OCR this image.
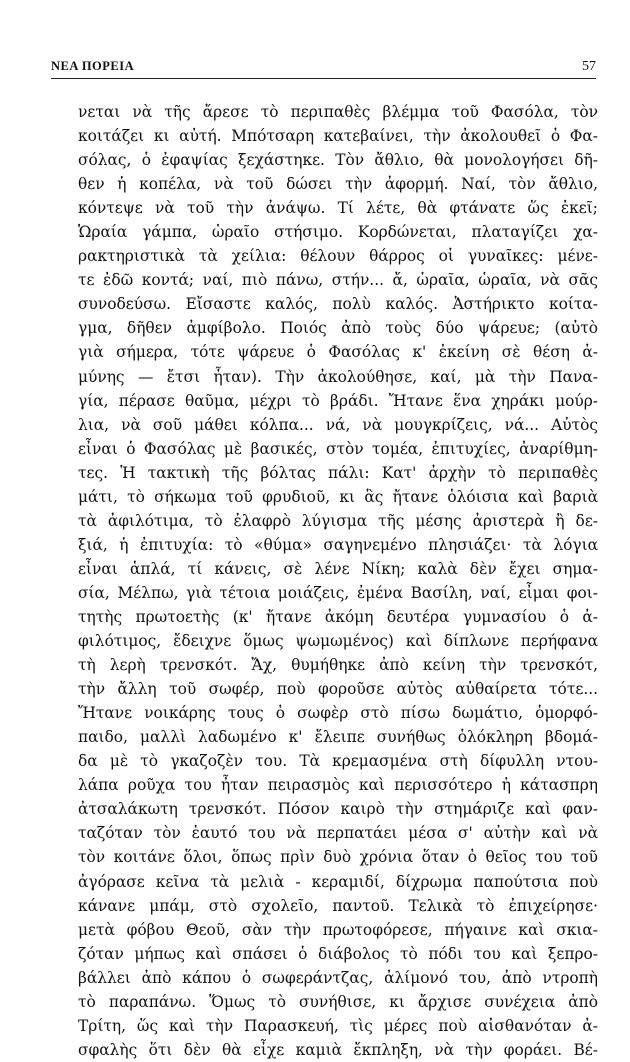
ΝΕΑ ΠΟΡΕΙΑ	57
νεται νὰ τῆς ἄρεσε τὸ περιπαθὲς βλέμμα τοῦ Φασόλα, τὸν
κοιτάζει κι αὐτή. Μπότσαρη κατεβαίνει, τὴν ἀκολουθεῖ ὁ Φα-
σόλας, ὁ ἐφαψίας ξεχάστηκε. Τὸν ἄθλιο, θὰ μονολογήσει δῆ-
θεν ἡ κοπέλα, νὰ τοῦ δώσει τὴν ἀφορμή. Ναί, τὸν ἄθλιο,
κόντεψε νὰ τοῦ τὴν ἀνάψω. Τί λέτε, θὰ φτάνατε ὥς ἐκεῖ;
Ὡραία γάμπα, ὡραῖο στήσιμο. Κορδώνεται, πλαταγίζει χα-
ρακτηριστικὰ τὰ χείλια: θέλουν θάρρος οἱ γυναῖκες: μένε-
τε ἐδῶ κοντά; ναί, πιὸ πάνω, στήν... ἄ, ὡραῖα, ὡραῖα, νὰ σᾶς
συνοδεύσω. Εἴσαστε καλός, πολὺ καλός. Ἀστήρικτο κοίτα-
γμα, δῆθεν ἀμφίβολο. Ποιός ἀπὸ τοὺς δύο ψάρευε; (αὐτὸ
γιὰ σήμερα, τότε ψάρευε ὁ Φασόλας κ' ἐκείνη σὲ θέση ἀ-
μύνης — ἔτσι ἦταν). Τὴν ἀκολούθησε, καί, μὰ τὴν Πανα-
γία, πέρασε θαῦμα, μέχρι τὸ βράδι. Ἤτανε ἕνα χηράκι μούρ-
λια, νὰ σοῦ μάθει κόλπα... νά, νὰ μουγκρίζεις, νά... Αὐτὸς
εἶναι ὁ Φασόλας μὲ βασικές, στὸν τομέα, ἐπιτυχίες, ἀναρίθμη-
τες. Ἡ τακτικὴ τῆς βόλτας πάλι: Κατ' ἀρχὴν τὸ περιπαθὲς
μάτι, τὸ σήκωμα τοῦ φρυδιοῦ, κι ἃς ἤτανε ὁλόισια καὶ βαριὰ
τὰ ἀφιλότιμα, τὸ ἐλαφρὸ λύγισμα τῆς μέσης ἀριστερὰ ἢ δε-
ξιά, ἡ ἐπιτυχία: τὸ «θύμα» σαγηνεμένο πλησιάζει· τὰ λόγια
εἶναι ἁπλά, τί κάνεις, σὲ λένε Νίκη; καλὰ δὲν ἔχει σημα-
σία, Μέλπω, γιὰ τέτοια μοιάζεις, ἐμένα Βασίλη, ναί, εἶμαι φοι-
τητὴς πρωτοετὴς (κ' ἤτανε ἀκόμη δευτέρα γυμνασίου ὁ ἀ-
φιλότιμος, ἔδειχνε ὅμως ψωμωμένος) καὶ δίπλωνε περήφανα
τὴ λερὴ τρενσκότ. Ἄχ, θυμήθηκε ἀπὸ κείνη τὴν τρενσκότ,
τὴν ἄλλη τοῦ σωφέρ, ποὺ φοροῦσε αὐτὸς αὐθαίρετα τότε...
Ἤτανε νοικάρης τους ὁ σωφὲρ στὸ πίσω δωμάτιο, ὁμορφό-
παιδο, μαλλὶ λαδωμένο κ' ἔλειπε συνήθως ὁλόκληρη βδομά-
δα μὲ τὸ γκαζοζὲν του. Τὰ κρεμασμένα στὴ δίφυλλη ντου-
λάπα ροῦχα του ἦταν πειρασμὸς καὶ περισσότερο ἡ κάτασπρη
ἀτσαλάκωτη τρενσκότ. Πόσον καιρὸ τὴν στημάριζε καὶ φαν-
ταζόταν τὸν ἑαυτό του νὰ περπατάει μέσα σ' αὐτὴν καὶ νὰ
τὸν κοιτάνε ὅλοι, ὅπως πρὶν δυὸ χρόνια ὅταν ὁ θεῖος του τοῦ
ἀγόρασε κεῖνα τὰ μελιὰ - κεραμιδί, δίχρωμα παπούτσια ποὺ
κάνανε μπάμ, στὸ σχολεῖο, παντοῦ. Τελικὰ τὸ ἐπιχείρησε·
μετὰ φόβου Θεοῦ, σὰν τὴν πρωτοφόρεσε, πήγαινε καὶ σκια-
ζόταν μήπως καὶ σπάσει ὁ διάβολος τὸ πόδι του καὶ ξεπρο-
βάλλει ἀπὸ κάπου ὁ σωφεράντζας, ἀλίμονό του, ἀπὸ ντροπὴ
τὸ παραπάνω. Ὅμως τὸ συνήθισε, κι ἄρχισε συνέχεια ἀπὸ
Τρίτη, ὥς καὶ τὴν Παρασκευή, τὶς μέρες ποὺ αἰσθανόταν ἀ-
σφαλὴς ὅτι δὲν θὰ εἶχε καμιὰ ἔκπληξη, νὰ τὴν φοράει. Βέ-
